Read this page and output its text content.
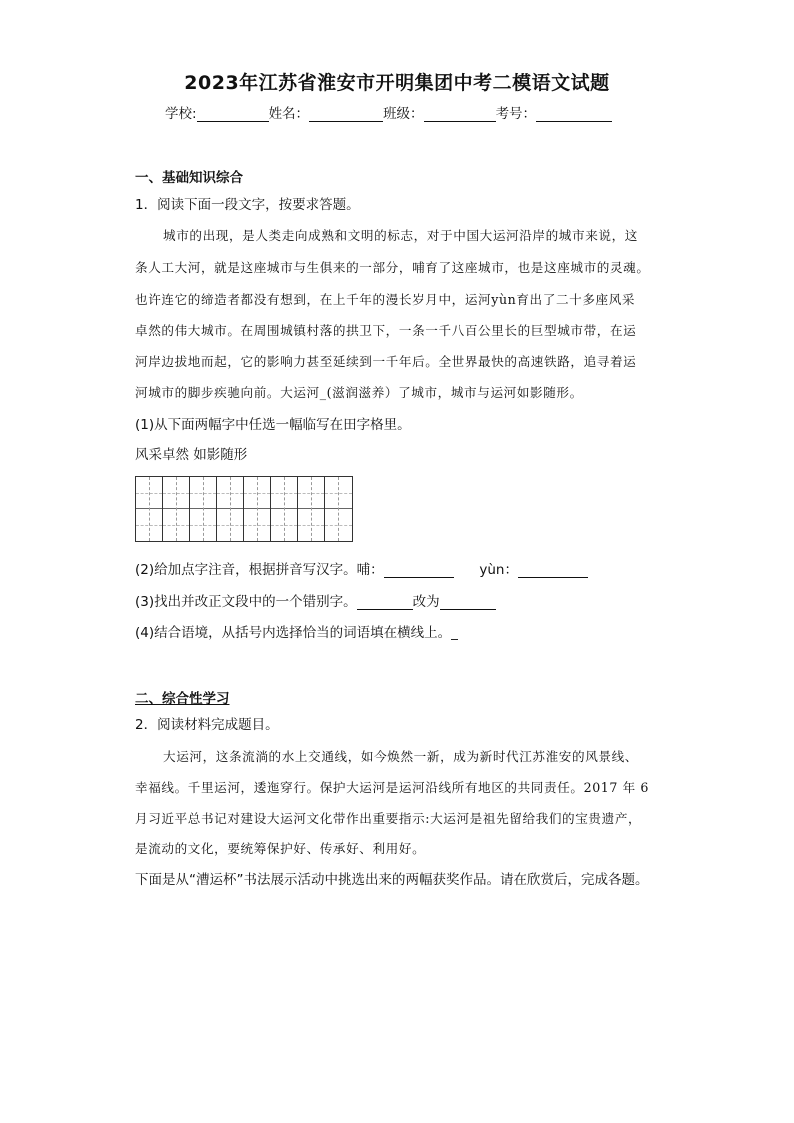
2023年江苏省淮安市开明集团中考二模语文试题
学校:	姓名：	班级：	考号：
一、基础知识综合
1．阅读下面一段文字，按要求答题。
城市的出现，是人类走向成熟和文明的标志，对于中国大运河沿岸的城市来说，这
条人工大河，就是这座城市与生俱来的一部分，哺育了这座城市，也是这座城市的灵魂。
也许连它的缔造者都没有想到，在上千年的漫长岁月中，运河yùn育出了二十多座风采
卓然的伟大城市。在周围城镇村落的拱卫下，一条一千八百公里长的巨型城市带，在运
河岸边拔地而起，它的影响力甚至延续到一千年后。全世界最快的高速铁路，追寻着运
河城市的脚步疾驰向前。大运河_(滋润滋养）了城市，城市与运河如影随形。
(1)从下面两幅字中任选一幅临写在田字格里。
风采卓然 如影随形
(2)给加点字注音，根据拼音写汉字。哺：	yùn：
(3)找出并改正文段中的一个错别字。	改为
(4)结合语境，从括号内选择恰当的词语填在横线上。_
二、综合性学习
2．阅读材料完成题目。
大运河，这条流淌的水上交通线，如今焕然一新，成为新时代江苏淮安的风景线、
幸福线。千里运河，逶迤穿行。保护大运河是运河沿线所有地区的共同责任。2017 年 6
月习近平总书记对建设大运河文化带作出重要指示:大运河是祖先留给我们的宝贵遗产，
是流动的文化，要统筹保护好、传承好、利用好。
下面是从“漕运杯”书法展示活动中挑选出来的两幅获奖作品。请在欣赏后，完成各题。
